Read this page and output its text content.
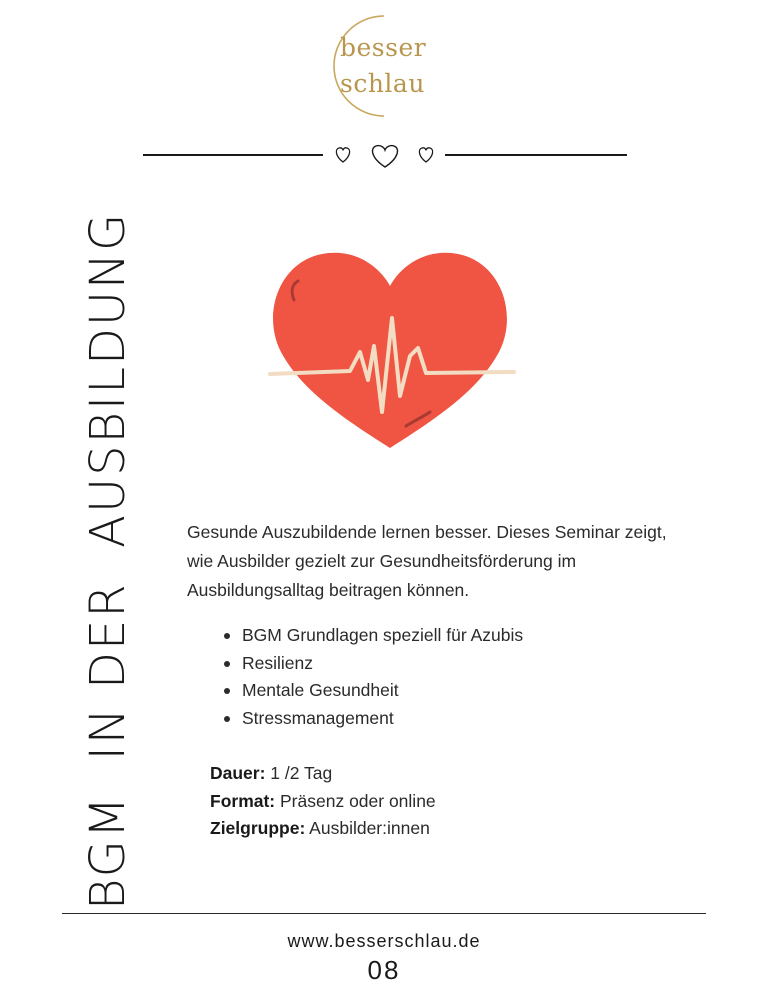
besser
schlau
BGM  IN DER  AUSBILDUNG	Gesunde Auszubildende lernen besser. Dieses Seminar zeigt, wie Ausbilder gezielt zur Gesundheitsförderung im Ausbildungsalltag beitragen können.
BGM Grundlagen speziell für Azubis
Resilienz
Mentale Gesundheit
Stressmanagement
Dauer: 1 /2 Tag
Format: Präsenz oder online
Zielgruppe: Ausbilder:innen
www.besserschlau.de
08
